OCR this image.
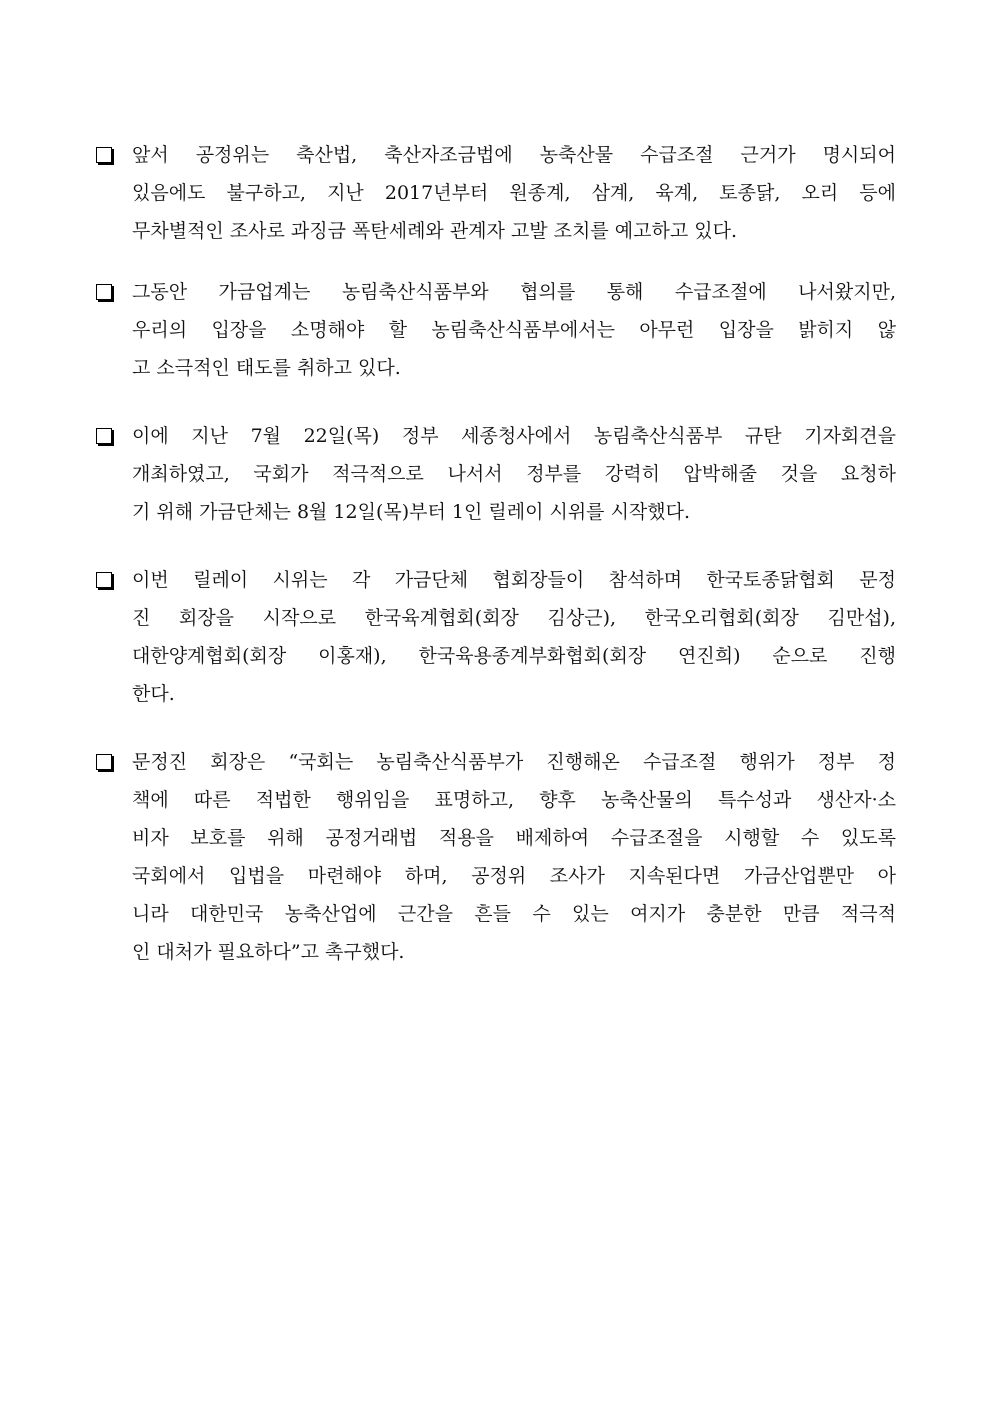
앞서 공정위는 축산법, 축산자조금법에 농축산물 수급조절 근거가 명시되어
있음에도 불구하고, 지난 2017년부터 원종계, 삼계, 육계, 토종닭, 오리 등에
무차별적인 조사로 과징금 폭탄세례와 관계자 고발 조치를 예고하고 있다.
그동안 가금업계는 농림축산식품부와 협의를 통해 수급조절에 나서왔지만,
우리의 입장을 소명해야 할 농림축산식품부에서는 아무런 입장을 밝히지 않
고 소극적인 태도를 취하고 있다.
이에 지난 7월 22일(목) 정부 세종청사에서 농림축산식품부 규탄 기자회견을
개최하였고, 국회가 적극적으로 나서서 정부를 강력히 압박해줄 것을 요청하
기 위해 가금단체는 8월 12일(목)부터 1인 릴레이 시위를 시작했다.
이번 릴레이 시위는 각 가금단체 협회장들이 참석하며 한국토종닭협회 문정
진 회장을 시작으로 한국육계협회(회장 김상근), 한국오리협회(회장 김만섭),
대한양계협회(회장 이홍재), 한국육용종계부화협회(회장 연진희) 순으로 진행
한다.
문정진 회장은 “국회는 농림축산식품부가 진행해온 수급조절 행위가 정부 정
책에 따른 적법한 행위임을 표명하고, 향후 농축산물의 특수성과 생산자·소
비자 보호를 위해 공정거래법 적용을 배제하여 수급조절을 시행할 수 있도록
국회에서 입법을 마련해야 하며, 공정위 조사가 지속된다면 가금산업뿐만 아
니라 대한민국 농축산업에 근간을 흔들 수 있는 여지가 충분한 만큼 적극적
인 대처가 필요하다”고 촉구했다.
